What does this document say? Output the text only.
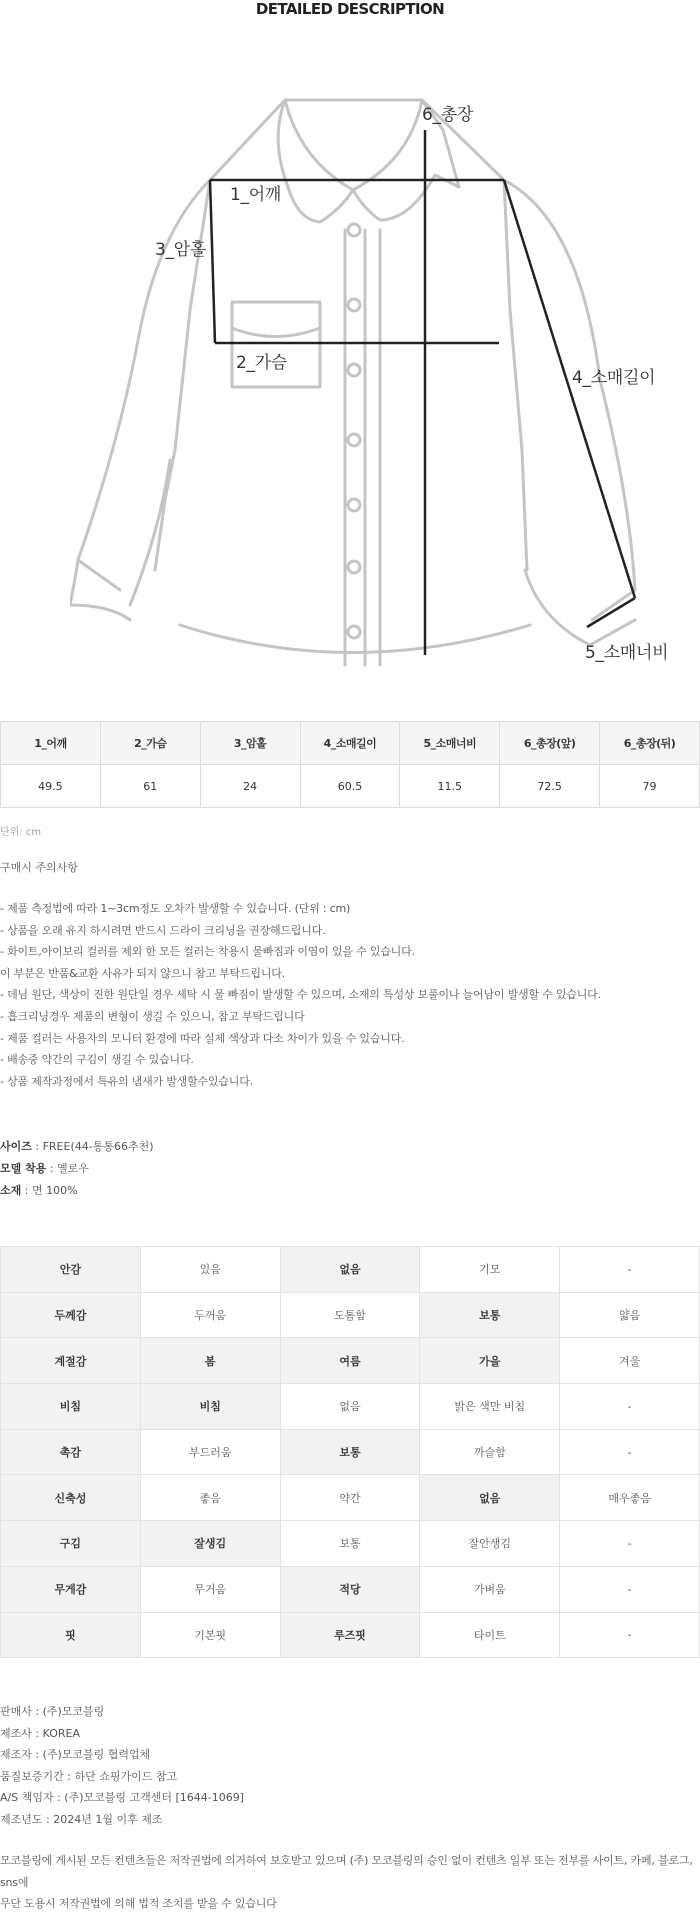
DETAILED DESCRIPTION
1_어깨
2_가슴
3_암홀
6_총장
4_소매길이
5_소매너비
1_어깨	2_가슴	3_암홀	4_소매길이	5_소매너비	6_총장(앞)	6_총장(뒤)
49.5	61	24	60.5	11.5	72.5	79
단위: cm
구매시 주의사항
- 제품 측정법에 따라 1~3cm정도 오차가 발생할 수 있습니다. (단위 : cm)
- 상품을 오래 유지 하시려면 반드시 드라이 크리닝을 권장해드립니다.
- 화이트,아이보리 컬러를 제외 한 모든 컬러는 착용시 물빠짐과 이염이 있을 수 있습니다.
이 부분은 반품&교환 사유가 되지 않으니 참고 부탁드립니다.
- 데님 원단, 색상이 진한 원단일 경우 세탁 시 물 빠짐이 발생할 수 있으며, 소재의 특성상 보풀이나 늘어남이 발생할 수 있습니다.
- 흡크리닝경우 제품의 변형이 생길 수 있으니, 참고 부탁드립니다
- 제품 컬러는 사용자의 모니터 환경에 따라 실제 색상과 다소 차이가 있을 수 있습니다.
- 배송중 약간의 구김이 생길 수 있습니다.
- 상품 제작과정에서 특유의 냄새가 발생할수있습니다.
사이즈 : FREE(44-통통66추천)
모델 착용 : 옐로우
소재 : 면 100%
안감	있음	없음	기모	-
두께감	두꺼움	도톰함	보통	얇음
계절감	봄	여름	가을	겨울
비침	비침	없음	밝은 색만 비침	-
촉감	부드러움	보통	까슬함	-
신축성	좋음	약간	없음	매우좋음
구김	잘생김	보통	잘안생김	-
무게감	무거움	적당	가벼움	-
핏	기본핏	루즈핏	타이트	-
판매사 : (주)모코블링
제조사 : KOREA
제조자 : (주)모코블링 협력업체
품질보증기간 : 하단 쇼핑가이드 참고
A/S 책임자 : (주)모코블링 고객센터 [1644-1069]
제조년도 : 2024년 1월 이후 제조
모코블링에 게시된 모든 컨텐츠들은 저작권법에 의거하여 보호받고 있으며 (주) 모코블링의 승인 없이 컨텐츠 일부 또는 전부를 사이트, 카페, 블로그, sns에
무단 도용시 저작권법에 의해 법적 조치를 받을 수 있습니다
